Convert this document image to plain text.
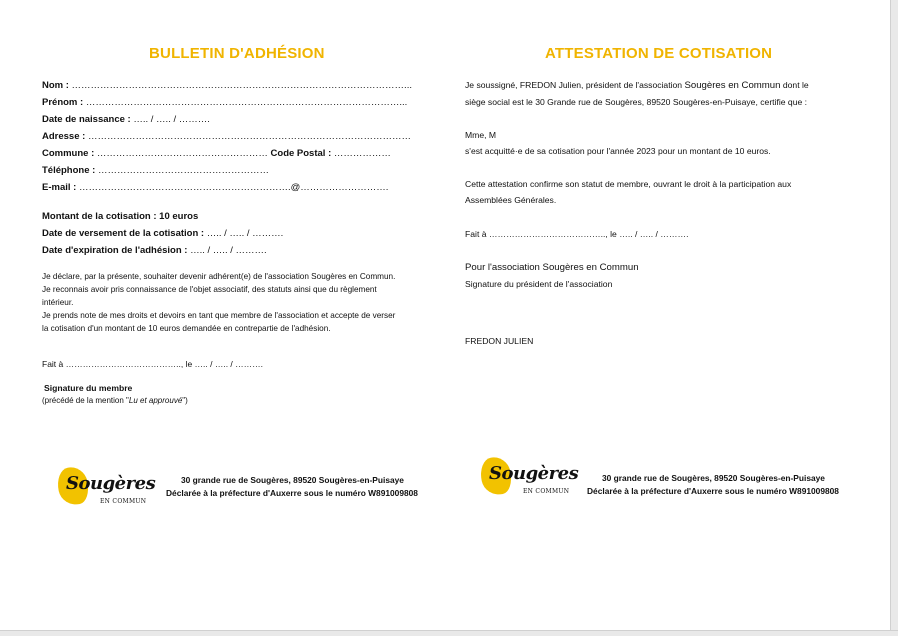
BULLETIN D'ADHÉSION
Nom : ……………………………………………………………………………………………...
Prénom : ………………………………………………………………………………………...
Date de naissance : ….. / ….. / ……….
Adresse : …………………………………………………………………………………………
Commune : ……………………………………………… Code Postal : ………………
Téléphone : ………………………………………………
E-mail : ………………………………………………………….@……………………….
Montant de la cotisation : 10 euros
Date de versement de la cotisation : ….. / ….. / ……….
Date d'expiration de l'adhésion : ….. / ….. / ……….

Je déclare, par la présente, souhaiter devenir adhérent(e) de l'association Sougères en Commun.

Je reconnais avoir pris connaissance de l'objet associatif, des statuts ainsi que du règlement intérieur.

Je prends note de mes droits et devoirs en tant que membre de l'association et accepte de verser la cotisation d'un montant de 10 euros demandée en contrepartie de l'adhésion.

Fait à ………………………………….., le ….. / ….. / ……….
Signature du membre
(précédé de la mention "Lu et approuvé")
Sougères
EN COMMUN
30 grande rue de Sougères, 89520 Sougères-en-Puisaye
Déclarée à la préfecture d'Auxerre sous le numéro W891009808
ATTESTATION DE COTISATION
Je soussigné, FREDON Julien, président de l'association Sougères en Commun dont le
siège social est le 30 Grande rue de Sougères, 89520 Sougères-en-Puisaye, certifie que :
Mme, M
s'est acquitté·e de sa cotisation pour l'année 2023 pour un montant de 10 euros.
Cette attestation confirme son statut de membre, ouvrant le droit à la participation aux
Assemblées Générales.
Fait à ………………………………….., le ….. / ….. / ……….
Pour l'association Sougères en Commun
Signature du président de l'association
FREDON JULIEN
Sougères
EN COMMUN
30 grande rue de Sougères, 89520 Sougères-en-Puisaye
Déclarée à la préfecture d'Auxerre sous le numéro W891009808
